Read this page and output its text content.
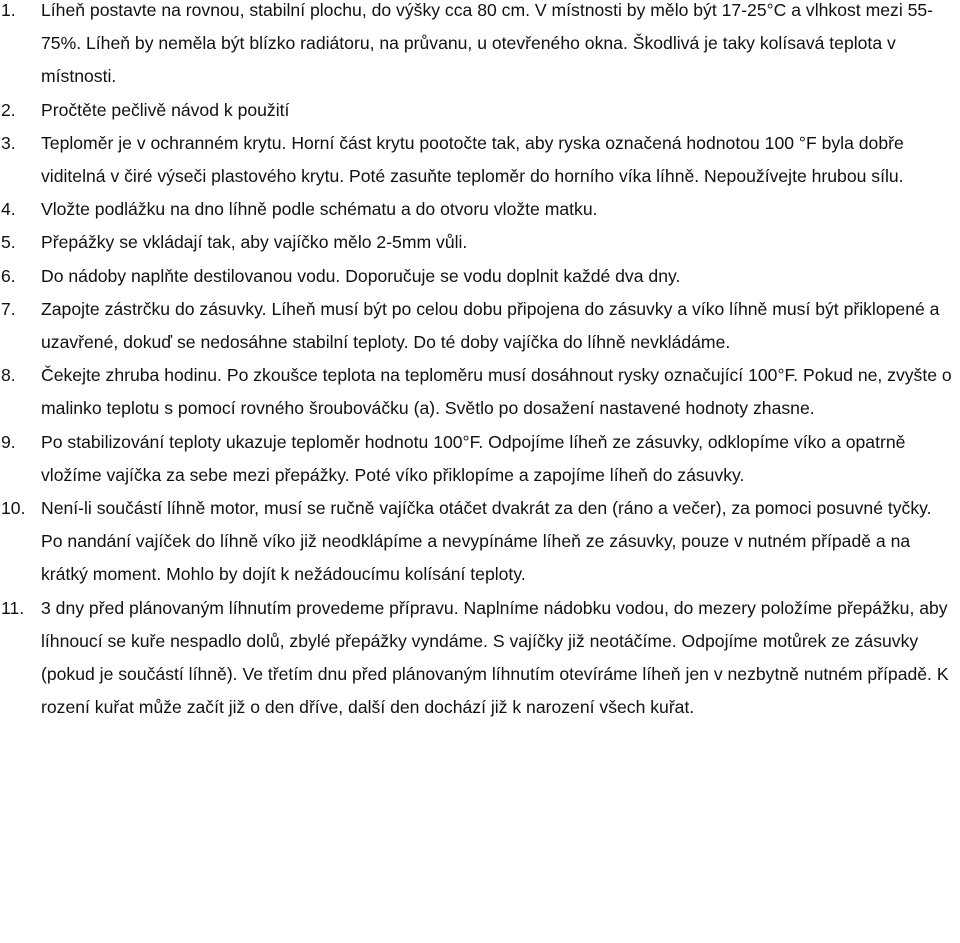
1.	Líheň postavte na rovnou, stabilní plochu, do výšky cca 80 cm. V místnosti by mělo být 17-25°C a vlhkost mezi 55-75%. Líheň by neměla být blízko radiátoru, na průvanu, u otevřeného okna. Škodlivá je taky kolísavá teplota v místnosti.

2.	Pročtěte pečlivě návod k použití

3.	Teploměr je v ochranném krytu. Horní část krytu pootočte tak, aby ryska označená hodnotou 100 °F byla dobře viditelná v čiré výseči plastového krytu. Poté zasuňte teploměr do horního víka líhně. Nepoužívejte hrubou sílu.

4.	Vložte podlážku na dno líhně podle schématu a do otvoru vložte matku.

5.	Přepážky se vkládají tak, aby vajíčko mělo 2-5mm vůli.

6.	Do nádoby naplňte destilovanou vodu. Doporučuje se vodu doplnit každé dva dny.

7.	Zapojte zástrčku do zásuvky. Líheň musí být po celou dobu připojena do zásuvky a víko líhně musí být přiklopené a uzavřené, dokuď se nedosáhne stabilní teploty. Do té doby vajíčka do líhně nevkládáme.

8.	Čekejte zhruba hodinu. Po zkoušce teplota na teploměru musí dosáhnout rysky označující 100°F. Pokud ne, zvyšte o malinko teplotu s pomocí rovného šroubováčku (a). Světlo po dosažení nastavené hodnoty zhasne.

9.	Po stabilizování teploty ukazuje teploměr hodnotu 100°F. Odpojíme líheň ze zásuvky, odklopíme víko a opatrně vložíme vajíčka za sebe mezi přepážky. Poté víko přiklopíme a zapojíme líheň do zásuvky.

10. Není-li součástí líhně motor, musí se ručně vajíčka otáčet dvakrát za den (ráno a večer), za pomoci posuvné tyčky. Po nandání vajíček do líhně víko již neodklápíme a nevypínáme líheň ze zásuvky, pouze v nutném případě a na krátký moment. Mohlo by dojít k nežádoucímu kolísání teploty.

11. 3 dny před plánovaným líhnutím provedeme přípravu. Naplníme nádobku vodou, do mezery položíme přepážku, aby líhnoucí se kuře nespadlo dolů, zbylé přepážky vyndáme. S vajíčky již neotáčíme. Odpojíme motůrek ze zásuvky (pokud je součástí líhně). Ve třetím dnu před plánovaným líhnutím otevíráme líheň jen v nezbytně nutném případě. K rození kuřat může začít již o den dříve, další den dochází již k narození všech kuřat.
